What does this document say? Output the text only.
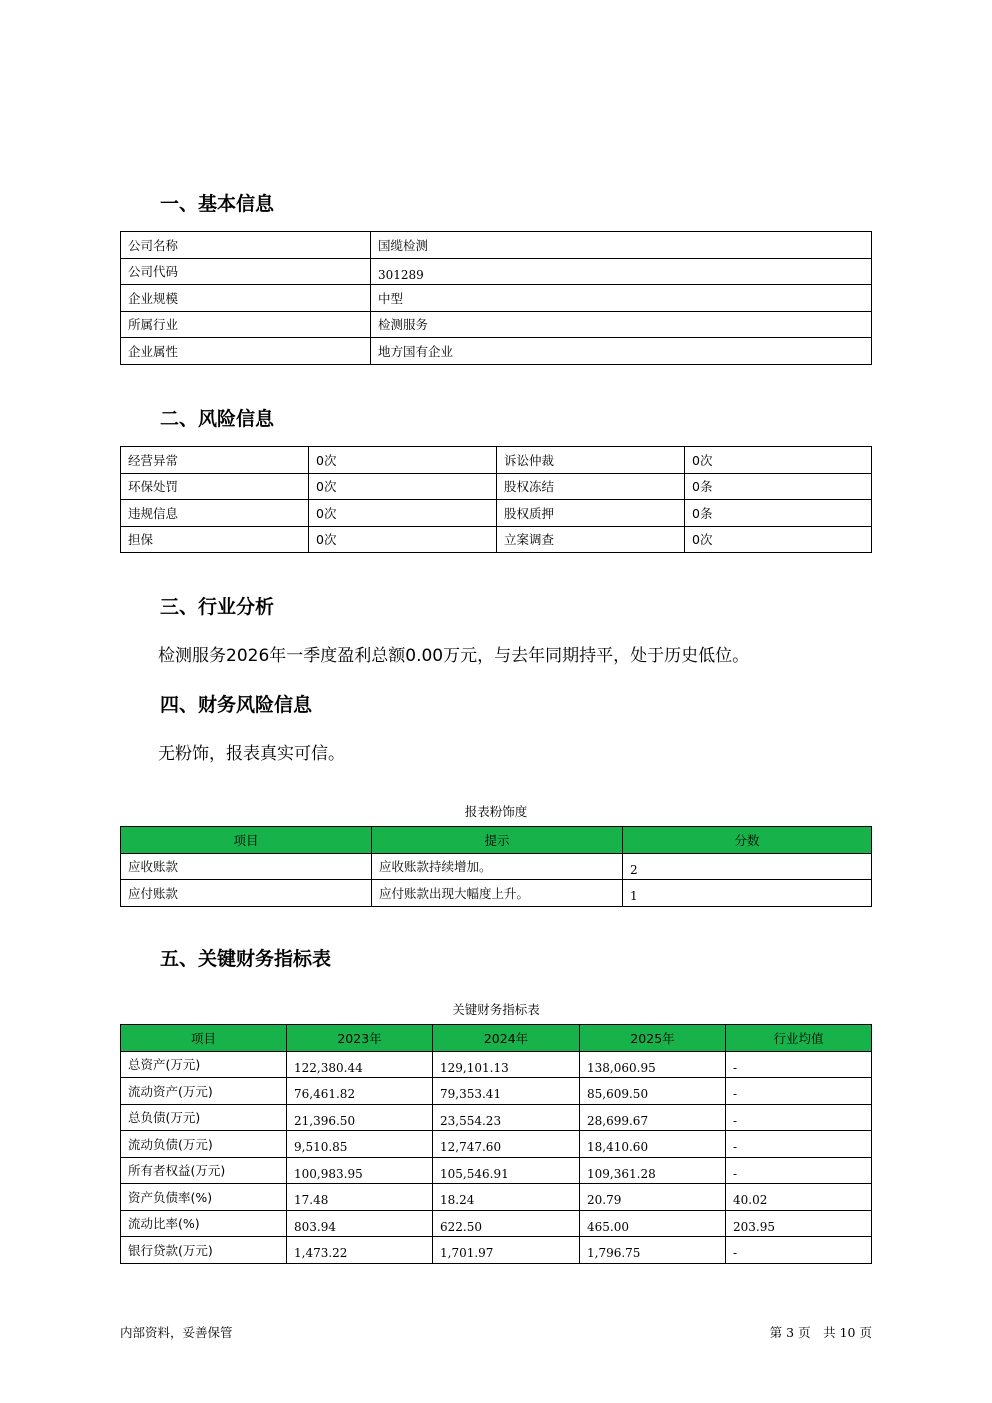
一、基本信息
公司名称	国缆检测
公司代码	301289
企业规模	中型
所属行业	检测服务
企业属性	地方国有企业
二、风险信息
经营异常	0次	诉讼仲裁	0次
环保处罚	0次	股权冻结	0条
违规信息	0次	股权质押	0条
担保	0次	立案调查	0次
三、行业分析

检测服务2026年一季度盈利总额0.00万元，与去年同期持平，处于历史低位。

四、财务风险信息

无粉饰，报表真实可信。

报表粉饰度
项目	提示	分数
应收账款	应收账款持续增加。	2
应付账款	应付账款出现大幅度上升。	1
五、关键财务指标表
关键财务指标表
项目	2023年	2024年	2025年	行业均值
总资产(万元)	122,380.44	129,101.13	138,060.95	-
流动资产(万元)	76,461.82	79,353.41	85,609.50	-
总负债(万元)	21,396.50	23,554.23	28,699.67	-
流动负债(万元)	9,510.85	12,747.60	18,410.60	-
所有者权益(万元)	100,983.95	105,546.91	109,361.28	-
资产负债率(%)	17.48	18.24	20.79	40.02
流动比率(%)	803.94	622.50	465.00	203.95
银行贷款(万元)	1,473.22	1,701.97	1,796.75	-
内部资料，妥善保管	第 3 页　共 10 页
